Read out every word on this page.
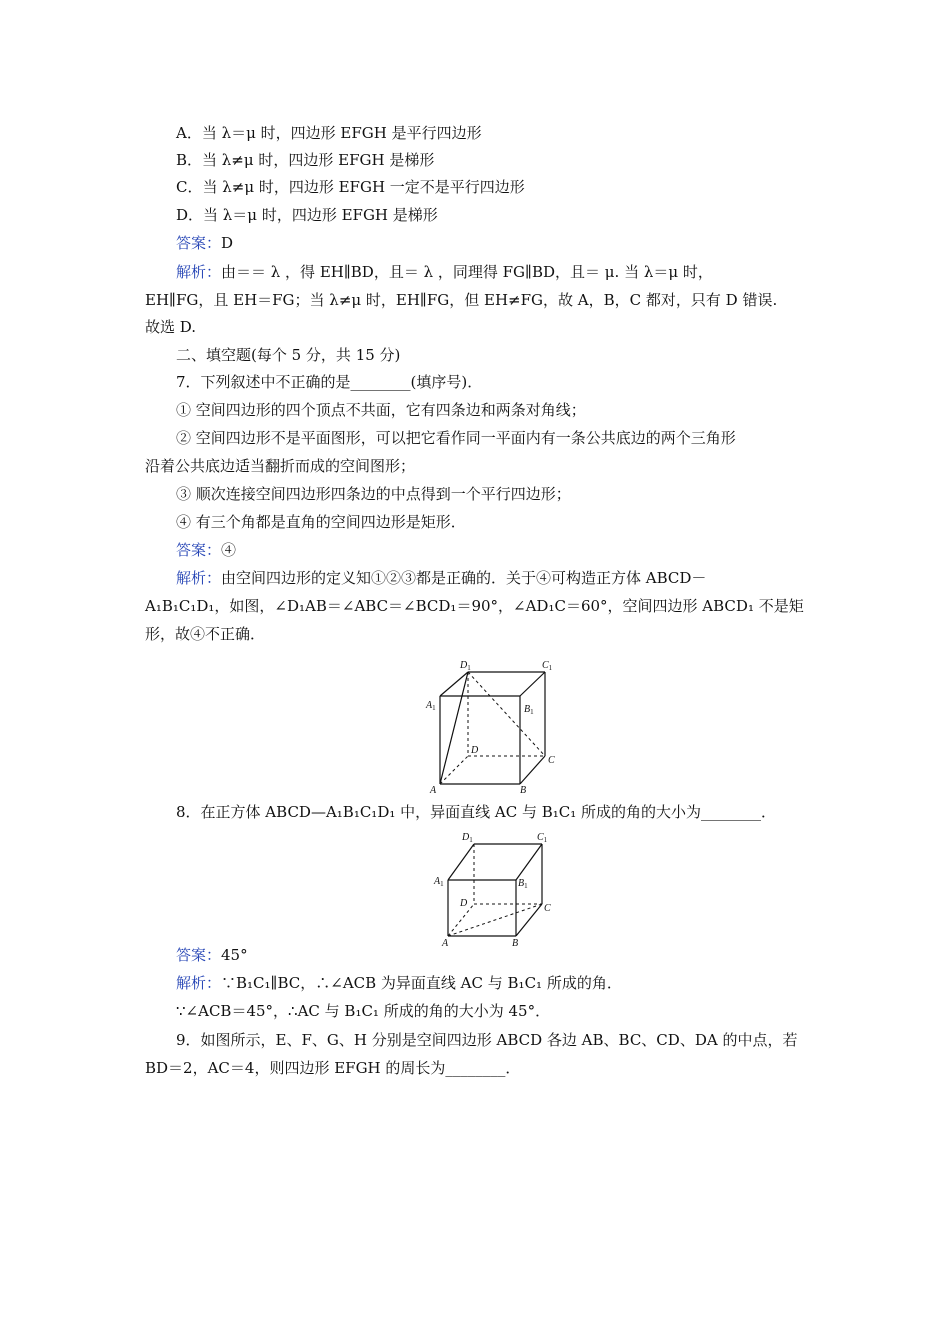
A．当 λ＝μ 时，四边形 EFGH 是平行四边形
B．当 λ≠μ 时，四边形 EFGH 是梯形
C．当 λ≠μ 时，四边形 EFGH 一定不是平行四边形
D．当 λ＝μ 时，四边形 EFGH 是梯形
答案：D
解析：由＝＝ λ ，得 EH∥BD，且＝ λ ，同理得 FG∥BD，且＝ μ. 当 λ＝μ 时，
EH∥FG，且 EH＝FG；当 λ≠μ 时，EH∥FG，但 EH≠FG，故 A，B，C 都对，只有 D 错误.
故选 D.
二、填空题(每个 5 分，共 15 分)
7．下列叙述中不正确的是________(填序号)．
① 空间四边形的四个顶点不共面，它有四条边和两条对角线；
② 空间四边形不是平面图形，可以把它看作同一平面内有一条公共底边的两个三角形
沿着公共底边适当翻折而成的空间图形；
③ 顺次连接空间四边形四条边的中点得到一个平行四边形；
④ 有三个角都是直角的空间四边形是矩形．
答案：④
解析：由空间四边形的定义知①②③都是正确的．关于④可构造正方体 ABCD－
A₁B₁C₁D₁，如图，∠D₁AB＝∠ABC＝∠BCD₁＝90°，∠AD₁C＝60°，空间四边形 ABCD₁ 不是矩
形，故④不正确．
$D_1$	$C_1$
$A_1$	$B_1$
D
C
A	B
8．在正方体 ABCD—A₁B₁C₁D₁ 中，异面直线 AC 与 B₁C₁ 所成的角的大小为________．
$D_1$	$C_1$
$A_1$	$B_1$
D	C
A	B
答案：45°
解析：∵B₁C₁∥BC，∴∠ACB 为异面直线 AC 与 B₁C₁ 所成的角．
∵∠ACB＝45°，∴AC 与 B₁C₁ 所成的角的大小为 45°．
9．如图所示，E、F、G、H 分别是空间四边形 ABCD 各边 AB、BC、CD、DA 的中点，若
BD＝2，AC＝4，则四边形 EFGH 的周长为________．
